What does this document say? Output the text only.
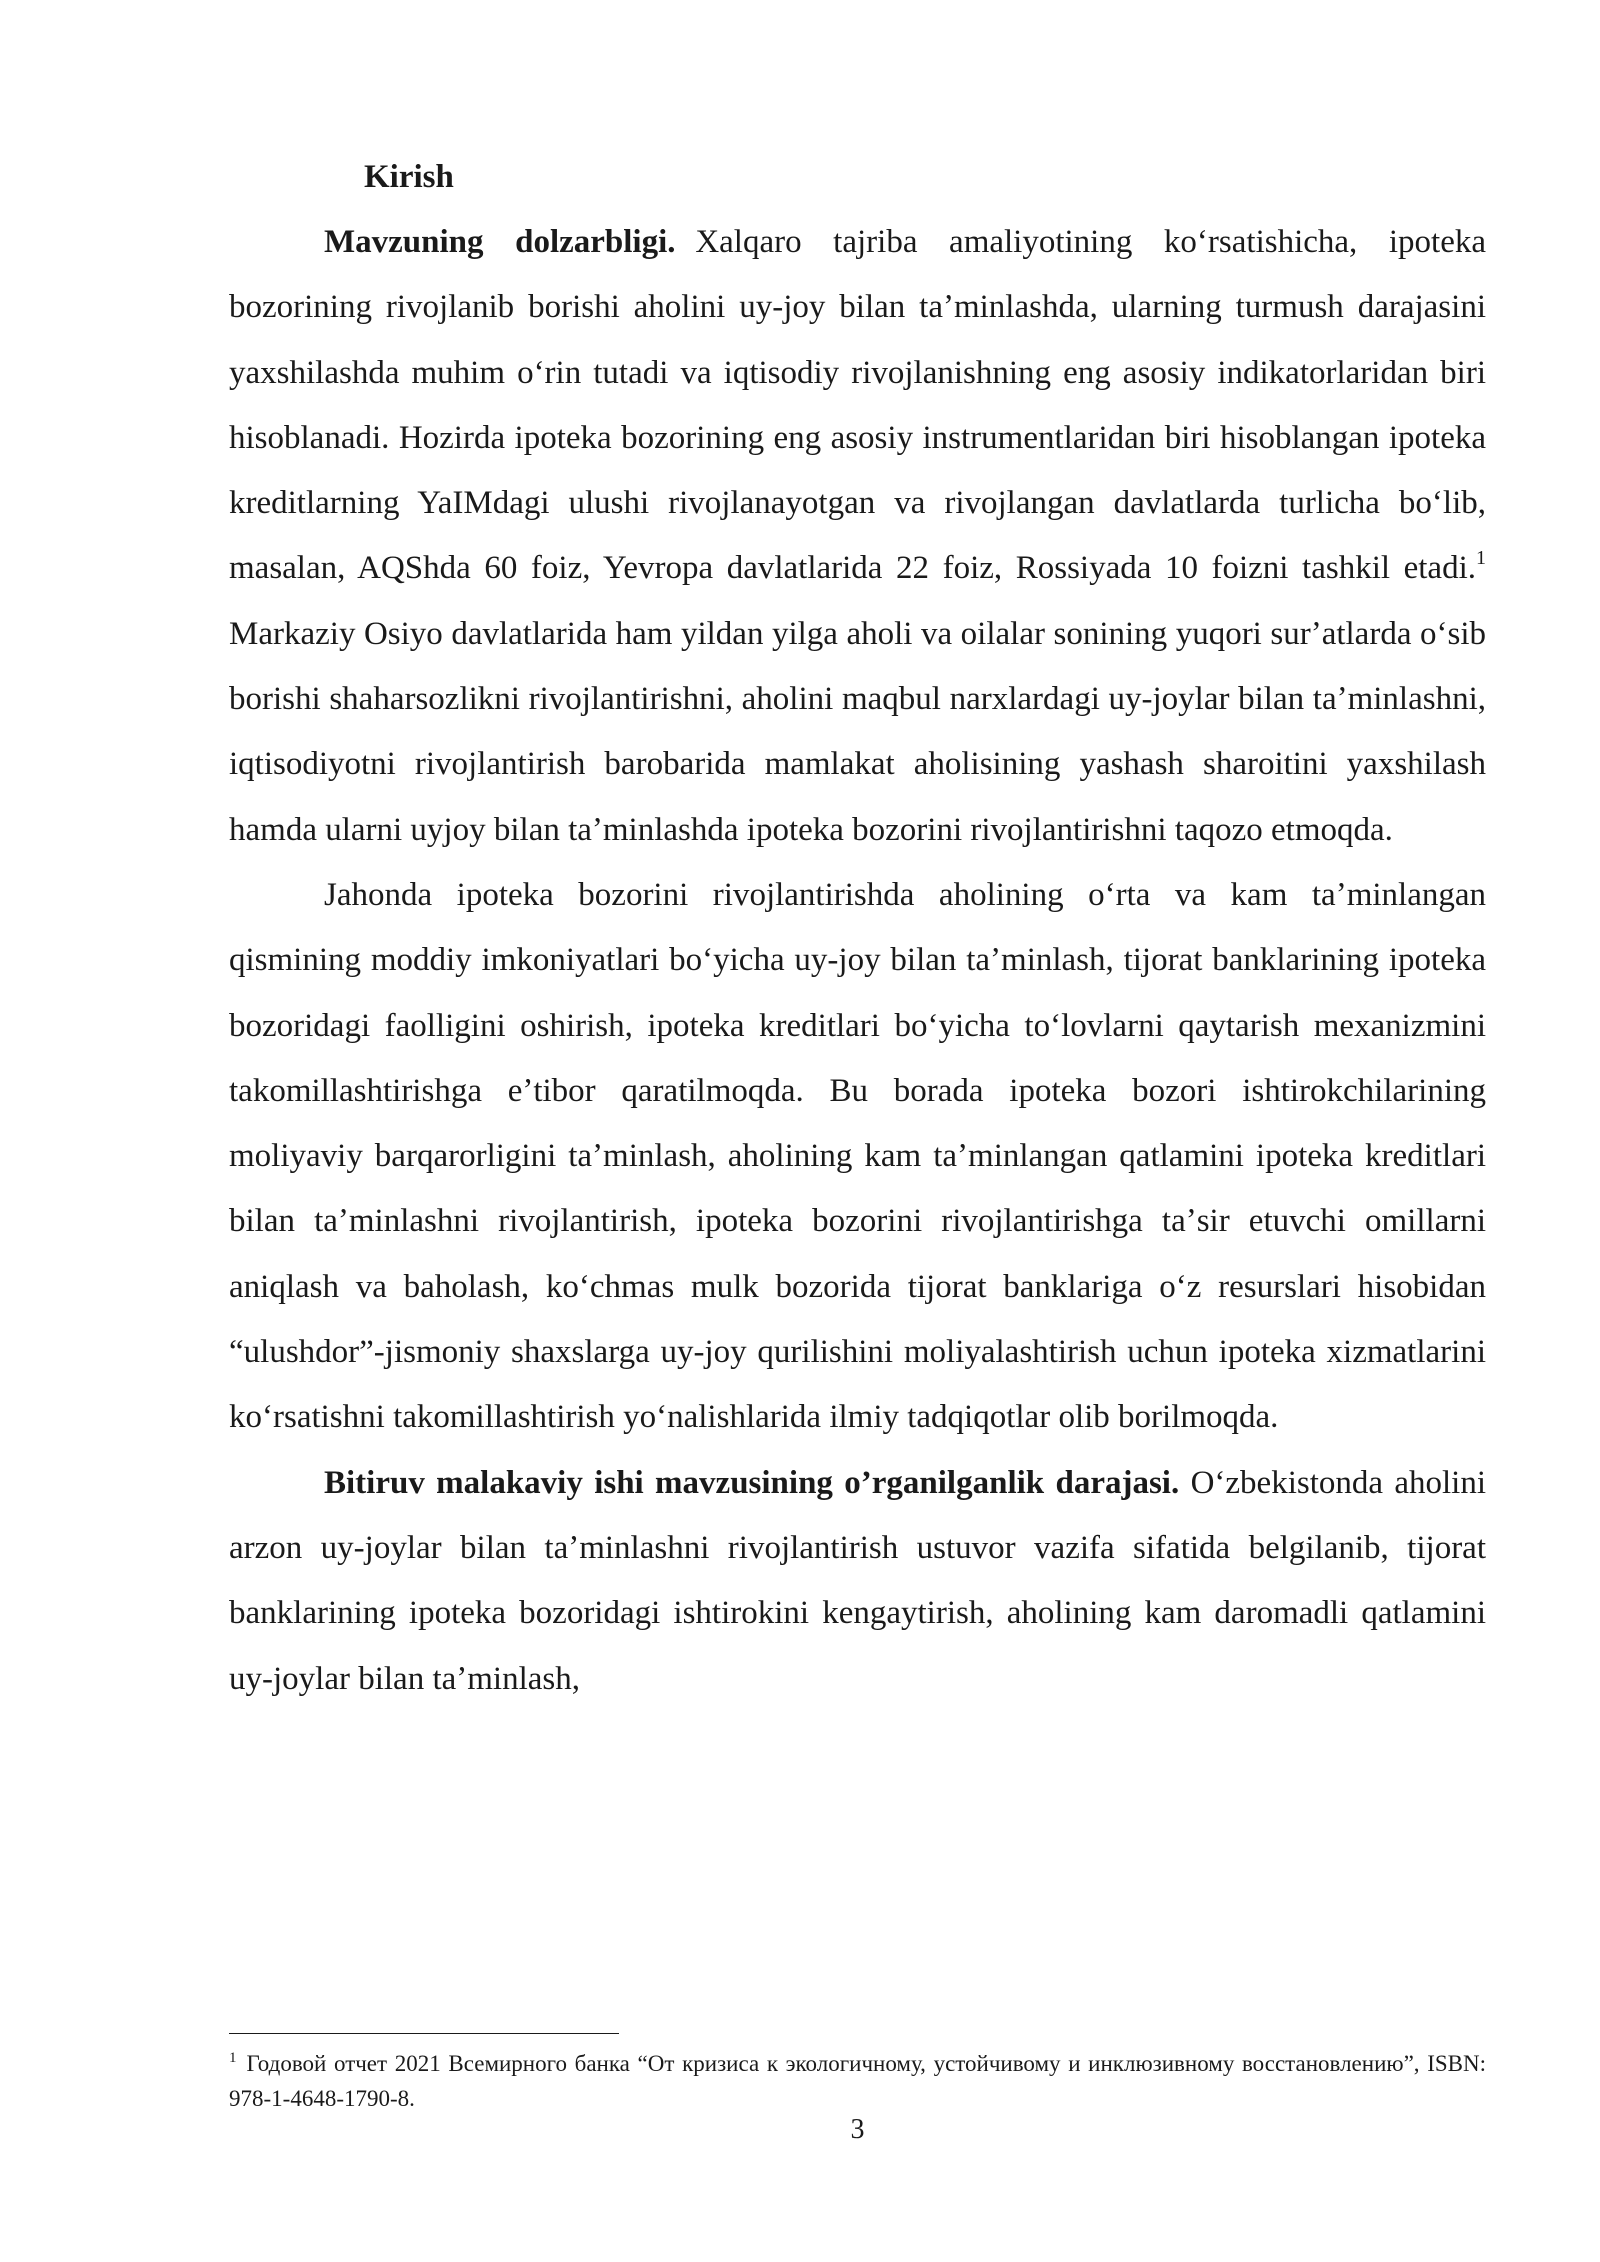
Kirish

Mavzuning dolzarbligi. Xalqaro tajriba amaliyotining koʻrsatishicha, ipoteka bozorining rivojlanib borishi aholini uy-joy bilan taʼminlashda, ularning turmush darajasini yaxshilashda muhim oʻrin tutadi va iqtisodiy rivojlanishning eng asosiy indikatorlaridan biri hisoblanadi. Hozirda ipoteka bozorining eng asosiy instrumentlaridan biri hisoblangan ipoteka kreditlarning YaIMdagi ulushi rivojlanayotgan va rivojlangan davlatlarda turlicha boʻlib, masalan, AQShda 60 foiz, Yevropa davlatlarida 22 foiz, Rossiyada 10 foizni tashkil etadi.$^1$ Markaziy Osiyo davlatlarida ham yildan yilga aholi va oilalar sonining yuqori surʼatlarda oʻsib borishi shaharsozlikni rivojlantirishni, aholini maqbul narxlardagi uy-joylar bilan taʼminlashni, iqtisodiyotni rivojlantirish barobarida mamlakat aholisining yashash sharoitini yaxshilash hamda ularni uyjoy bilan taʼminlashda ipoteka bozorini rivojlantirishni taqozo etmoqda.

Jahonda ipoteka bozorini rivojlantirishda aholining oʻrta va kam taʼminlangan qismining moddiy imkoniyatlari boʻyicha uy-joy bilan taʼminlash, tijorat banklarining ipoteka bozoridagi faolligini oshirish, ipoteka kreditlari boʻyicha toʻlovlarni qaytarish mexanizmini takomillashtirishga eʼtibor qaratilmoqda. Bu borada ipoteka bozori ishtirokchilarining moliyaviy barqarorligini taʼminlash, aholining kam taʼminlangan qatlamini ipoteka kreditlari bilan taʼminlashni rivojlantirish, ipoteka bozorini rivojlantirishga taʼsir etuvchi omillarni aniqlash va baholash, koʻchmas mulk bozorida tijorat banklariga oʻz resurslari hisobidan “ulushdor”-jismoniy shaxslarga uy-joy qurilishini moliyalashtirish uchun ipoteka xizmatlarini koʻrsatishni takomillashtirish yoʻnalishlarida ilmiy tadqiqotlar olib borilmoqda.

Bitiruv malakaviy ishi mavzusining o’rganilganlik darajasi. Oʻzbekistonda aholini arzon uy-joylar bilan taʼminlashni rivojlantirish ustuvor vazifa sifatida belgilanib, tijorat banklarining ipoteka bozoridagi ishtirokini kengaytirish, aholining kam daromadli qatlamini uy-joylar bilan taʼminlash,

$^1$ Годовой отчет 2021 Всемирного банка “От кризиса к экологичному, устойчивому и инклюзивному восстановлению”, ISBN: 978-1-4648-1790-8.

3
